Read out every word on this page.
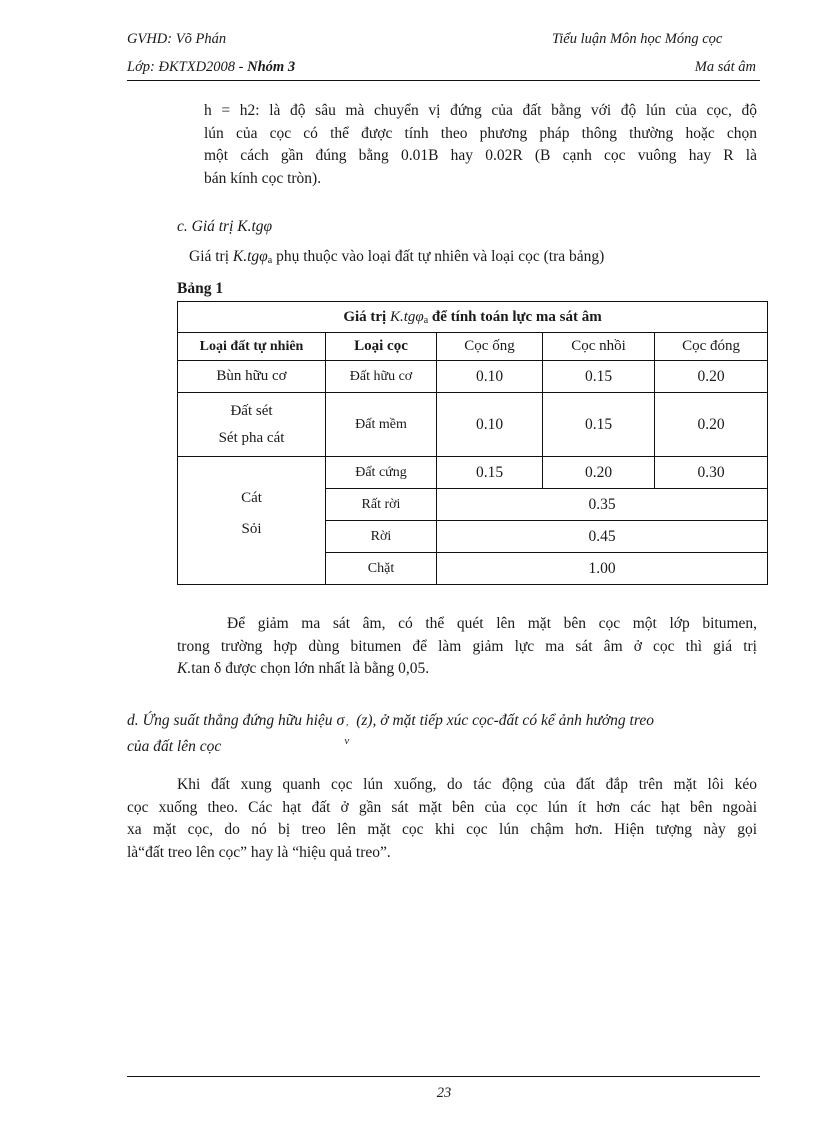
GVHD: Võ Phán	Tiểu luận Môn học Móng cọc
Lớp: ĐKTXD2008 - Nhóm 3	Ma sát âm
h = h2: là độ sâu mà chuyển vị đứng của đất bằng với độ lún của cọc, độ
lún của cọc có thể được tính theo phương pháp thông thường hoặc chọn
một cách gần đúng bằng 0.01B hay 0.02R (B cạnh cọc vuông hay R là
bán kính cọc tròn).
c. Giá trị K.tgφ
Giá trị K.tgφ$_a$ phụ thuộc vào loại đất tự nhiên và loại cọc (tra bảng)
Bảng 1
Giá trị K.tgφ$_a$ để tính toán lực ma sát âm				
Loại đất tự nhiên	Loại cọc	Cọc ống	Cọc nhồi	Cọc đóng
Bùn hữu cơ	Đất hữu cơ	0.10	0.15	0.20

Đất sét
Sét pha cát	Đất mềm	0.10	0.15	0.20

Cát
Sỏi	Đất cứng	0.15	0.20	0.30
	Rất rời	0.35		
	Rời	0.45		
	Chặt	1.00		
Để giảm ma sát âm, có thể quét lên mặt bên cọc một lớp bitumen,
trong trường hợp dùng bitumen để làm giảm lực ma sát âm ở cọc thì giá trị
K.tan δ được chọn lớn nhất là bằng 0,05.
d. Ứng suất thẳng đứng hữu hiệu σ '
v
(z), ở mặt tiếp xúc cọc-đất có kể ảnh hưởng treo
của đất lên cọc
Khi đất xung quanh cọc lún xuống, do tác động của đất đắp trên mặt lôi kéo
cọc xuống theo. Các hạt đất ở gần sát mặt bên của cọc lún ít hơn các hạt bên ngoài
xa mặt cọc, do nó bị treo lên mặt cọc khi cọc lún chậm hơn. Hiện tượng này gọi
là“đất treo lên cọc” hay là “hiệu quả treo”.
23
